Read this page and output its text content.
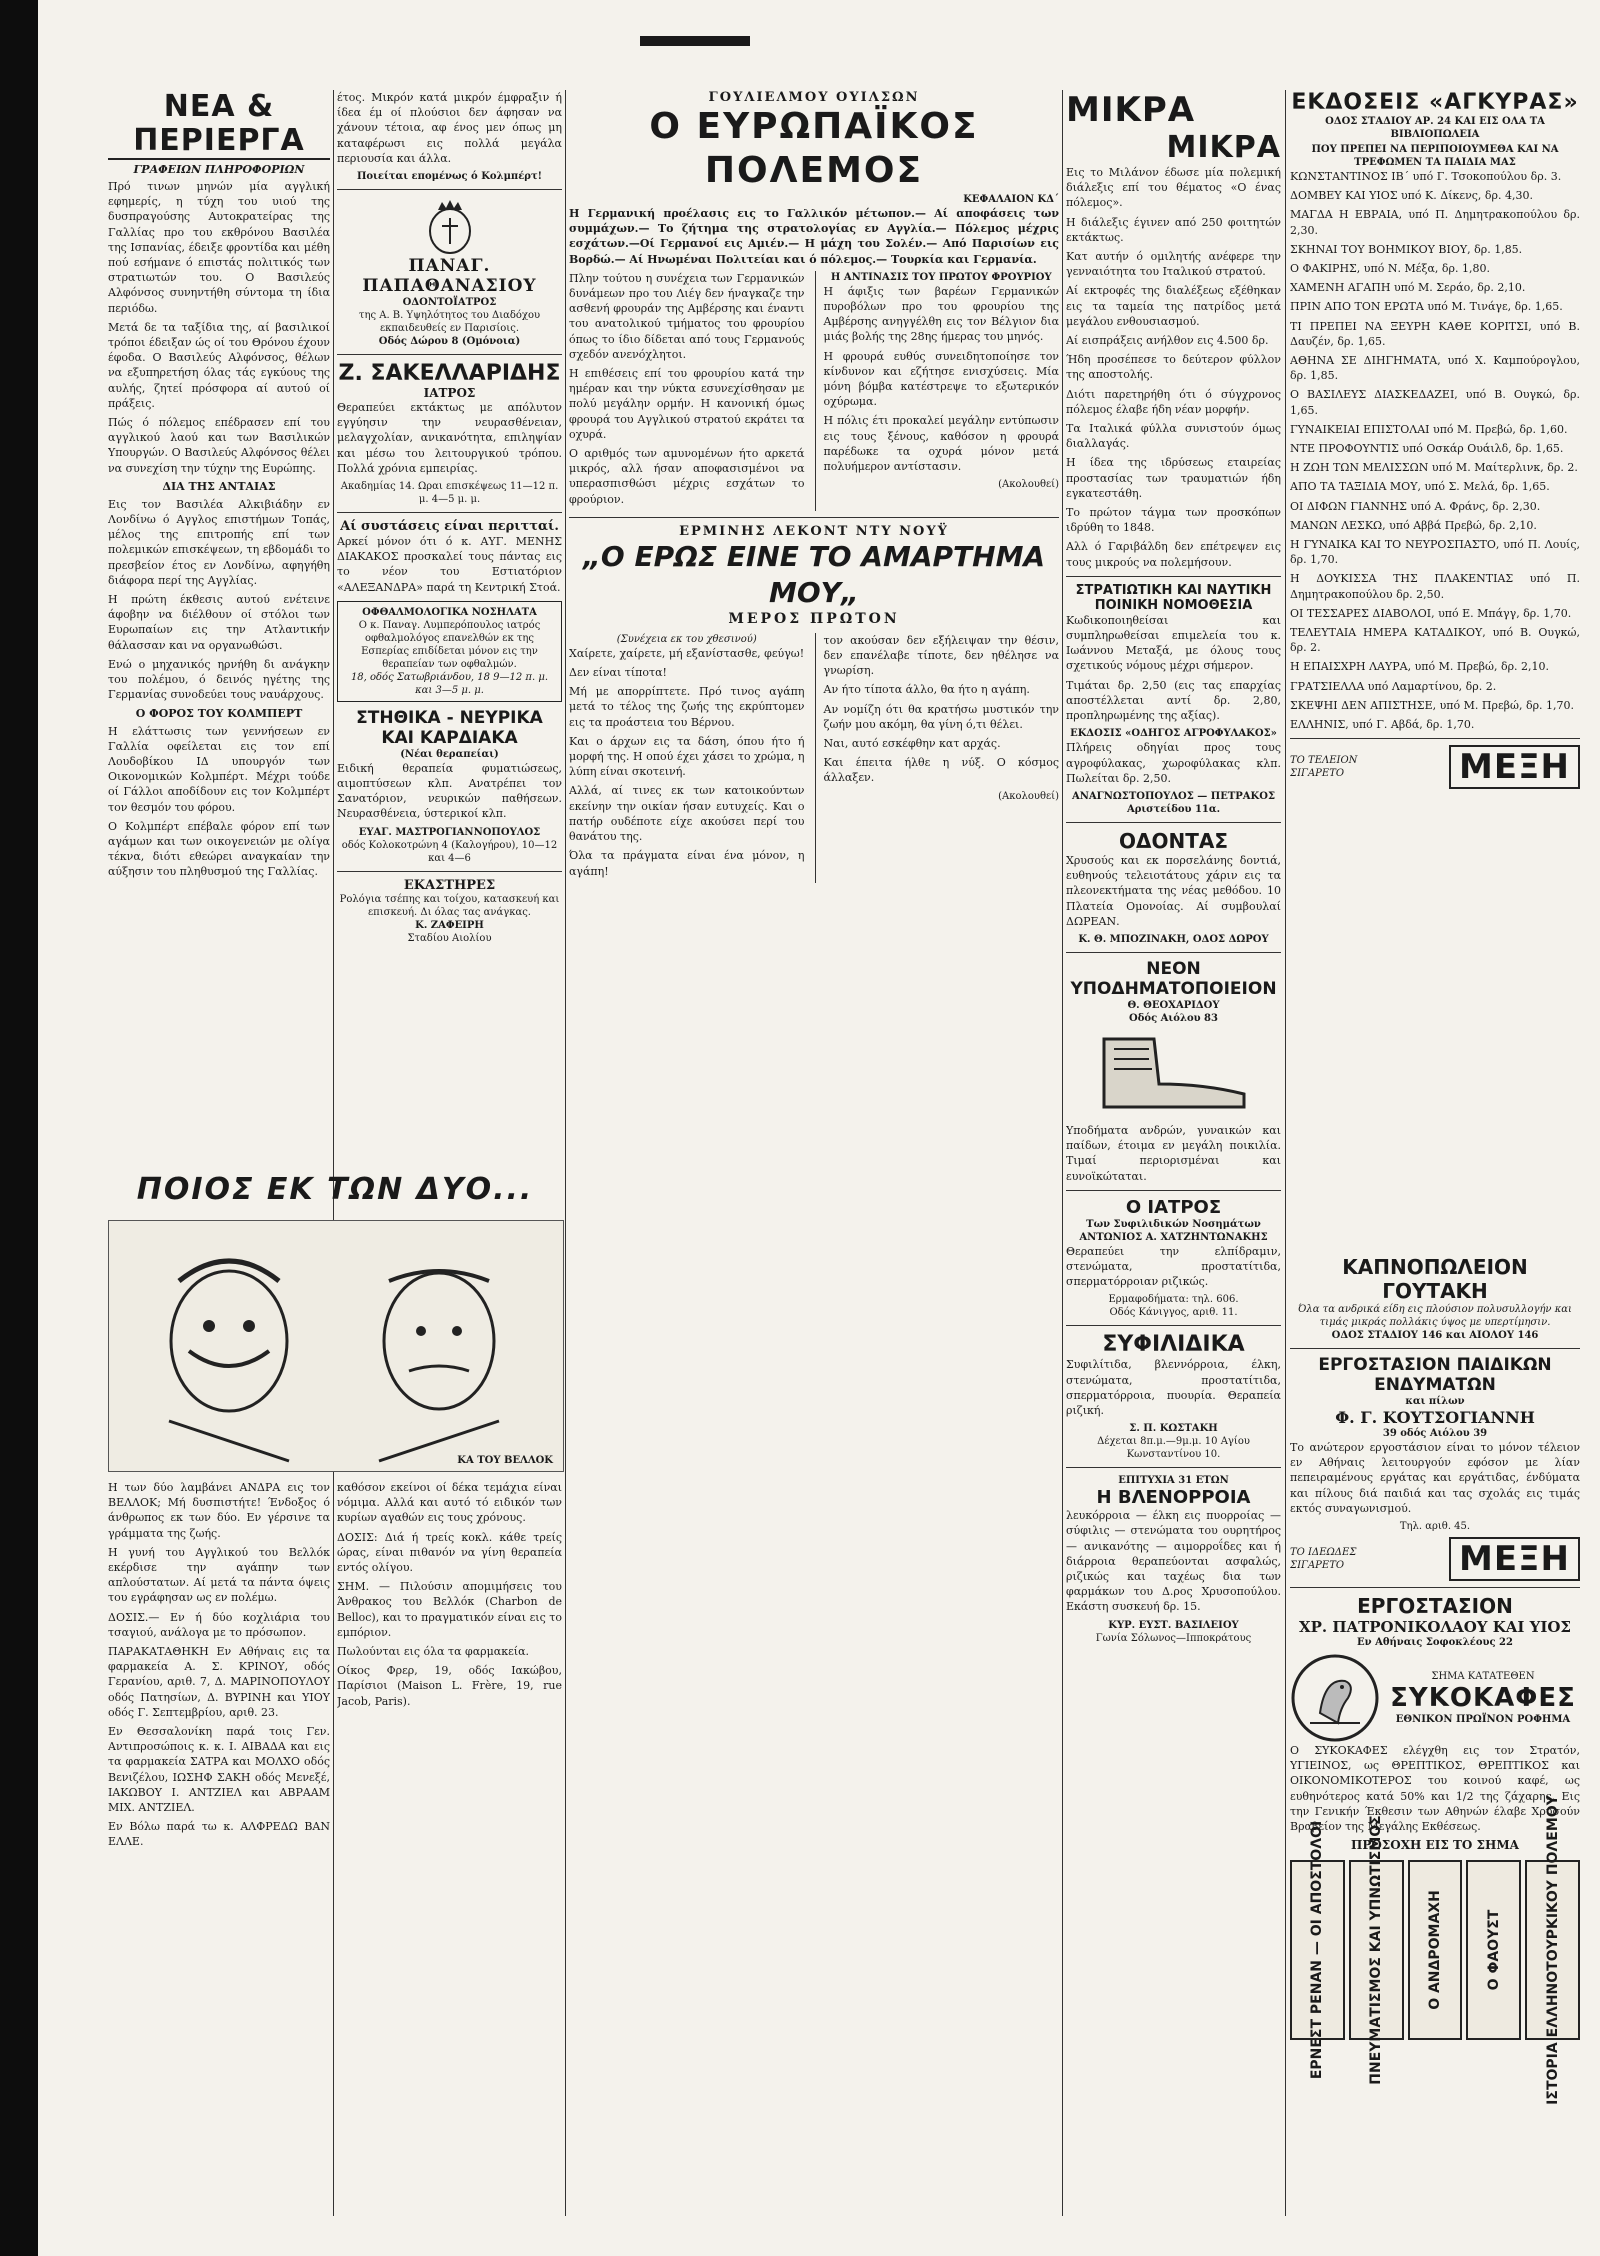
ΝΕΑ & ΠΕΡΙΕΡΓΑ
ΓΡΑΦΕΙΩΝ ΠΛΗΡΟΦΟΡΙΩΝ

Πρό τινων μηνών μία αγγλική εφημερίς, η τύχη του υιού της δυσπραγούσης Αυτοκρατείρας της Γαλλίας προ του εκθρόνου Βασιλέα της Ισπανίας, έδειξε φροντίδα και μέθη πού εσήμανε ό επιστάς πολιτικός των στρατιωτών του. Ο Βασιλεύς Αλφόνσος συνηντήθη σύντομα τη ίδια περιόδω.

Μετά δε τα ταξίδια της, αί βασιλικοί τρόποι έδειξαν ώς οί του Θρόνου έχουν έφοδα. Ο Βασιλεύς Αλφόνσος, θέλων να εξυπηρετήση όλας τάς εγκύους της αυλής, ζητεί πρόσφορα αί αυτού οί πράξεις.

Πώς ό πόλεμος επέδρασεν επί του αγγλικού λαού και των Βασιλικών Υπουργών. Ο Βασιλεύς Αλφόνσος θέλει να συνεχίση την τύχην της Ευρώπης.

ΔΙΑ ΤΗΣ ΑΝΤΑΙΑΣ

Εις τον Βασιλέα Αλκιβιάδην εν Λονδίνω ό Αγγλος επιστήμων Τοπάς, μέλος της επιτροπής επί των πολεμικών επισκέψεων, τη εβδομάδι το πρεσβείον έτος εν Λονδίνω, αφηγήθη διάφορα περί της Αγγλίας.

Η πρώτη έκθεσις αυτού ενέτεινε άφοβην να διέλθουν οί στόλοι των Ευρωπαίων εις την Ατλαντικήν θάλασσαν και να οργανωθώσι.

Ενώ ο μηχανικός ηρνήθη δι ανάγκην του πολέμου, ό δεινός ηγέτης της Γερμανίας συνοδεύει τους ναυάρχους.

Ο ΦΟΡΟΣ ΤΟΥ ΚΟΛΜΠΕΡΤ

Η ελάττωσις των γεννήσεων εν Γαλλία οφείλεται εις τον επί Λουδοβίκου ΙΔ υπουργόν των Οικονομικών Κολμπέρτ. Μέχρι τούδε οί Γάλλοι αποδίδουν εις τον Κολμπέρτ τον θεσμόν του φόρου.

Ο Κολμπέρτ επέβαλε φόρον επί των αγάμων και των οικογενειών με ολίγα τέκνα, διότι εθεώρει αναγκαίαν την αύξησιν του πληθυσμού της Γαλλίας.

έτος. Μικρόν κατά μικρόν έμφραξιν ή ίδεα έμ οί πλούσιοι δεν άφησαν να χάνουν τέτοια, αφ ένος μεν όπως μη καταφέρωσι εις πολλά μεγάλα περιουσία και άλλα.

Ποιείται επομένως ό Κολμπέρτ!
ΠΑΝΑΓ. ΠΑΠΑΘΑΝΑΣΙΟΥ
ΟΔΟΝΤΟΪΑΤΡΟΣ
της Α. Β. Υψηλότητος του Διαδόχου εκπαιδευθείς εν Παρισίοις.
Οδός Δώρου 8 (Ομόνοια)
Ζ. ΣΑΚΕΛΛΑΡΙΔΗΣ
ΙΑΤΡΟΣ

Θεραπεύει εκτάκτως με απόλυτον εγγύησιν την νευρασθένειαν, μελαγχολίαν, ανικανότητα, επιληψίαν και μέσω του λειτουργικού τρόπου. Πολλά χρόνια εμπειρίας.

Ακαδημίας 14. Ωραι επισκέψεως 11—12 π. μ. 4—5 μ. μ.
Αί συστάσεις είναι περιτταί.

Αρκεί μόνον ότι ό κ. ΑΥΓ. ΜΕΝΗΣ ΔΙΑΚΑΚΟΣ προσκαλεί τους πάντας εις το νέον του Εστιατόριον «ΑΛΕΞΑΝΔΡΑ» παρά τη Κεντρική Στοά.

ΟΦΘΑΛΜΟΛΟΓΙΚΑ ΝΟΣΗΛΑΤΑ
Ο κ. Παναγ. Λυμπερόπουλος ιατρός οφθαλμολόγος επανελθών εκ της Εσπερίας επιδίδεται μόνον εις την θεραπείαν των οφθαλμών.
18, οδός Σατωβριάνδου, 18 9—12 π. μ. και 3—5 μ. μ.
ΣΤΗΘΙΚΑ - ΝΕΥΡΙΚΑ ΚΑΙ ΚΑΡΔΙΑΚΑ
(Νέαι θεραπείαι)

Ειδική θεραπεία φυματιώσεως, αιμοπτύσεων κλπ. Ανατρέπει τον Σανατόριον, νευρικών παθήσεων. Νευρασθένεια, ύστερικοί κλπ.

ΕΥΑΓ. ΜΑΣΤΡΟΓΙΑΝΝΟΠΟΥΛΟΣ
οδός Κολοκοτρώνη 4 (Καλογήρου), 10—12 και 4—6
ΕΚΑΣΤΗΡΕΣ
Ρολόγια τσέπης και τοίχου, κατασκευή και επισκευή. Δι όλας τας ανάγκας.
Κ. ΖΑΦΕΙΡΗ
Σταδίου Αιολίου
ΠΟΙΟΣ ΕΚ ΤΩΝ ΔΥΟ...
ΚΑ ΤΟΥ ΒΕΛΛΟΚ

Η των δύο λαμβάνει ΑΝΔΡΑ εις τον ΒΕΛΛΟΚ; Μή δυσπιστήτε! Ένδοξος ό άνθρωπος εκ των δύο. Εν γέρσινε τα γράμματα της ζωής.

Η γυνή του Αγγλικού του Βελλόκ εκέρδισε την αγάπην των απλούστατων. Αί μετά τα πάντα όψεις του εγράφησαν ως εν πολέμω.

ΔΟΣΙΣ.— Εν ή δύο κοχλιάρια του τσαγιού, ανάλογα με το πρόσωπον.

ΠΑΡΑΚΑΤΑΘΗΚΗ Εν Αθήναις εις τα φαρμακεία Α. Σ. ΚΡΙΝΟΥ, οδός Γερανίου, αριθ. 7, Δ. ΜΑΡΙΝΟΠΟΥΛΟΥ οδός Πατησίων, Δ. ΒΥΡΙΝΗ και ΥΙΟΥ οδός Γ. Σεπτεμβρίου, αριθ. 23.

Εν Θεσσαλονίκη παρά τοις Γεν. Αντιπροσώποις κ. κ. Ι. ΑΙΒΑΔΑ και εις τα φαρμακεία ΣΑΤΡΑ και ΜΟΛΧΟ οδός Βενιζέλου, ΙΩΣΗΦ ΣΑΚΗ οδός Μενεξέ, ΙΑΚΩΒΟΥ Ι. ΑΝΤΖΙΕΛ και ΑΒΡΑΑΜ ΜΙΧ. ΑΝΤΖΙΕΛ.

Εν Βόλω παρά τω κ. ΑΛΦΡΕΔΩ ΒΑΝ ΕΛΛΕ.

καθόσον εκείνοι οί δέκα τεμάχια είναι νόμιμα. Αλλά και αυτό τό ειδικόν των κυρίων αγαθών εις τους χρόνους.

ΔΟΣΙΣ: Διά ή τρείς κοκλ. κάθε τρείς ώρας, είναι πιθανόν να γίνη θεραπεία εντός ολίγου.

ΣΗΜ. — Πιλούσιν απομιμήσεις του Άνθρακος του Βελλόκ (Charbon de Belloc), και το πραγματικόν είναι εις το εμπόριον.

Πωλούνται εις όλα τα φαρμακεία.

Οίκος Φρερ, 19, οδός Ιακώβου, Παρίσιοι (Maison L. Frère, 19, rue Jacob, Paris).

ΓΟΥΛΙΕΛΜΟΥ ΟΥΙΛΣΩΝ
Ο ΕΥΡΩΠΑΪΚΟΣ ΠΟΛΕΜΟΣ
ΚΕΦΑΛΑΙΟΝ ΚΔ΄

Η Γερμανική προέλασις εις το Γαλλικόν μέτωπον.— Αί αποφάσεις των συμμάχων.— Το ζήτημα της στρατολογίας εν Αγγλία.— Πόλεμος μέχρις εσχάτων.—Οί Γερμανοί εις Αμιέν.— Η μάχη του Σολέν.— Από Παρισίων εις Βορδώ.— Αί Ηνωμέναι Πολιτείαι και ό πόλεμος.— Τουρκία και Γερμανία.

Πλην τούτου η συνέχεια των Γερμανικών δυνάμεων προ του Λιέγ δεν ήναγκαζε την ασθενή φρουράν της Αμβέρσης και έναντι του ανατολικού τμήματος του φρουρίου όπως το ίδιο δίδεται από τους Γερμανούς σχεδόν ανενόχλητοι.

Η επιθέσεις επί του φρουρίου κατά την ημέραν και την νύκτα εσυνεχίσθησαν με πολύ μεγάλην ορμήν. Η κανονική όμως φρουρά του Αγγλικού στρατού εκράτει τα οχυρά.

Ο αριθμός των αμυνομένων ήτο αρκετά μικρός, αλλ ήσαν αποφασισμένοι να υπερασπισθώσι μέχρις εσχάτων το φρούριον.

Η ΑΝΤΙΝΑΣΙΣ ΤΟΥ ΠΡΩΤΟΥ ΦΡΟΥΡΙΟΥ

Η άφιξις των βαρέων Γερμανικών πυροβόλων προ του φρουρίου της Αμβέρσης ανηγγέλθη εις τον Βέλγιον δια μιάς βολής της 28ης ήμερας του μηνός.

Η φρουρά ευθύς συνειδητοποίησε τον κίνδυνον και εζήτησε ενισχύσεις. Μία μόνη βόμβα κατέστρεψε το εξωτερικόν οχύρωμα.

Η πόλις έτι προκαλεί μεγάλην εντύπωσιν εις τους ξένους, καθόσον η φρουρά παρέδωκε τα οχυρά μόνον μετά πολυήμερον αντίστασιν.

(Ακολουθεί)
ΕΡΜΙΝΗΣ ΛΕΚΟΝΤ ΝΤΥ ΝΟΥΫ
„Ο ΕΡΩΣ ΕΙΝΕ ΤΟ ΑΜΑΡΤΗΜΑ ΜΟΥ„
ΜΕΡΟΣ ΠΡΩΤΟΝ
(Συνέχεια εκ του χθεσινού)

Χαίρετε, χαίρετε, μή εξανίστασθε, φεύγω!

Δεν είναι τίποτα!

Μή με απορρίπτετε. Πρό τινος αγάπη μετά το τέλος της ζωής της εκρύπτομεν εις τα προάστεια του Βέρνου.

Και ο άρχων εις τα δάση, όπου ήτο ή μορφή της. Η οπού έχει χάσει το χρώμα, η λύπη είναι σκοτεινή.

Αλλά, αί τινες εκ των κατοικούντων εκείνην την οικίαν ήσαν ευτυχείς. Και ο πατήρ ουδέποτε είχε ακούσει περί του θανάτου της.

Όλα τα πράγματα είναι ένα μόνον, η αγάπη!

τον ακούσαν δεν εξήλειψαν την θέσιν, δεν επανέλαβε τίποτε, δεν ηθέλησε να γνωρίση.

Αν ήτο τίποτα άλλο, θα ήτο η αγάπη.

Αν νομίζη ότι θα κρατήσω μυστικόν την ζωήν μου ακόμη, θα γίνη ό,τι θέλει.

Ναι, αυτό εσκέφθην κατ αρχάς.

Και έπειτα ήλθε η νύξ. Ο κόσμος άλλαξεν.

(Ακολουθεί)
ΜΙΚΡΑ
ΜΙΚΡΑ

Εις το Μιλάνον έδωσε μία πολεμική διάλεξις επί του θέματος «Ο ένας πόλεμος».

Η διάλεξις έγινεν από 250 φοιτητών εκτάκτως.

Κατ αυτήν ό ομιλητής ανέφερε την γενναιότητα του Ιταλικού στρατού.

Αί εκτροφές της διαλέξεως εξέθηκαν εις τα ταμεία της πατρίδος μετά μεγάλου ενθουσιασμού.

Αί εισπράξεις ανήλθον εις 4.500 δρ.

Ήδη προσέπεσε το δεύτερον φύλλον της αποστολής.

Διότι παρετηρήθη ότι ό σύγχρονος πόλεμος έλαβε ήδη νέαν μορφήν.

Τα Ιταλικά φύλλα συνιστούν όμως διαλλαγάς.

Η ίδεα της ιδρύσεως εταιρείας προστασίας των τραυματιών ήδη εγκατεστάθη.

Το πρώτον τάγμα των προσκόπων ιδρύθη το 1848.

Αλλ ό Γαριβάλδη δεν επέτρεψεν εις τους μικρούς να πολεμήσουν.

ΣΤΡΑΤΙΩΤΙΚΗ ΚΑΙ ΝΑΥΤΙΚΗ ΠΟΙΝΙΚΗ ΝΟΜΟΘΕΣΙΑ

Κωδικοποιηθείσαι και συμπληρωθείσαι επιμελεία του κ. Ιωάννου Μεταξά, με όλους τους σχετικούς νόμους μέχρι σήμερον.

Τιμάται δρ. 2,50 (εις τας επαρχίας αποστέλλεται αντί δρ. 2,80, προπληρωμένης της αξίας).

ΕΚΔΟΣΙΣ «ΟΔΗΓΟΣ ΑΓΡΟΦΥΛΑΚΟΣ»

Πλήρεις οδηγίαι προς τους αγροφύλακας, χωροφύλακας κλπ. Πωλείται δρ. 2,50.

ΑΝΑΓΝΩΣΤΟΠΟΥΛΟΣ — ΠΕΤΡΑΚΟΣ
Αριστείδου 11α.
ΟΔΟΝΤΑΣ

Χρυσούς και εκ πορσελάνης δοντιά, ευθηνούς τελειοτάτους χάριν εις τα πλεονεκτήματα της νέας μεθόδου. 10 Πλατεία Ομονοίας. Αί συμβουλαί ΔΩΡΕΑΝ.

Κ. Θ. ΜΠΟΖΙΝΑΚΗ, ΟΔΟΣ ΔΩΡΟΥ
ΝΕΟΝ ΥΠΟΔΗΜΑΤΟΠΟΙΕΙΟΝ
Θ. ΘΕΟΧΑΡΙΔΟΥ
Οδός Αιόλου 83

Υποδήματα ανδρών, γυναικών και παίδων, έτοιμα εν μεγάλη ποικιλία. Τιμαί περιορισμέναι και ευνοϊκώταται.

Ο ΙΑΤΡΟΣ
Των Συφιλιδικών Νοσημάτων
ΑΝΤΩΝΙΟΣ Α. ΧΑΤΖΗΝΤΩΝΑΚΗΣ

Θεραπεύει την ελπίδραμιν, στενώματα, προστατίτιδα, σπερματόρροιαν ριζικώς.

Ερμαφοδήματα: τηλ. 606.
Οδός Κάνιγγος, αριθ. 11.
ΣΥΦΙΛΙΔΙΚΑ

Συφιλίτιδα, βλεννόρροια, έλκη, στενώματα, προστατίτιδα, σπερματόρροια, πυουρία. Θεραπεία ριζική.

Σ. Π. ΚΩΣΤΑΚΗ
Δέχεται 8π.μ.—9μ.μ. 10 Αγίου Κωνσταντίνου 10.
ΕΠΙΤΥΧΙΑ 31 ΕΤΩΝ
Η ΒΛΕΝΟΡΡΟΙΑ

λευκόρροια — έλκη εις πυορροίας — σύφιλις — στενώματα του ουρητήρος — ανικανότης — αιμορροΐδες και ή διάρροια θεραπεύονται ασφαλώς, ριζικώς και ταχέως δια των φαρμάκων του Δ.ρος Χρυσοπούλου. Εκάστη συσκευή δρ. 15.

ΚΥΡ. ΕΥΣΤ. ΒΑΣΙΛΕΙΟΥ
Γωνία Σόλωνος—Ιπποκράτους
ΕΚΔΟΣΕΙΣ «ΑΓΚΥΡΑΣ»
ΟΔΟΣ ΣΤΑΔΙΟΥ ΑΡ. 24 ΚΑΙ ΕΙΣ ΟΛΑ ΤΑ ΒΙΒΛΙΟΠΩΛΕΙΑ
ΠΟΥ ΠΡΕΠΕΙ ΝΑ ΠΕΡΙΠΟΙΟΥΜΕΘΑ ΚΑΙ ΝΑ ΤΡΕΦΩΜΕΝ ΤΑ ΠΑΙΔΙΑ ΜΑΣ

ΚΩΝΣΤΑΝΤΙΝΟΣ ΙΒ΄ υπό Γ. Τσοκοπούλου δρ. 3.

ΔΟΜΒΕΥ ΚΑΙ ΥΙΟΣ υπό Κ. Δίκενς, δρ. 4,30.

ΜΑΓΔΑ Η ΕΒΡΑΙΑ, υπό Π. Δημητρακοπούλου δρ. 2,30.

ΣΚΗΝΑΙ ΤΟΥ ΒΟΗΜΙΚΟΥ ΒΙΟΥ, δρ. 1,85.

Ο ΦΑΚΙΡΗΣ, υπό Ν. Μέξα, δρ. 1,80.

ΧΑΜΕΝΗ ΑΓΑΠΗ υπό Μ. Σεράο, δρ. 2,10.

ΠΡΙΝ ΑΠΟ ΤΟΝ ΕΡΩΤΑ υπό Μ. Τινάγε, δρ. 1,65.

ΤΙ ΠΡΕΠΕΙ ΝΑ ΞΕΥΡΗ ΚΑΘΕ ΚΟΡΙΤΣΙ, υπό Β. Δαυζέν, δρ. 1,65.

ΑΘΗΝΑ ΣΕ ΔΙΗΓΗΜΑΤΑ, υπό Χ. Καμπούρογλου, δρ. 1,85.

Ο ΒΑΣΙΛΕΥΣ ΔΙΑΣΚΕΔΑΖΕΙ, υπό Β. Ουγκώ, δρ. 1,65.

ΓΥΝΑΙΚΕΙΑΙ ΕΠΙΣΤΟΛΑΙ υπό Μ. Πρεβώ, δρ. 1,60.

ΝΤΕ ΠΡΟΦΟΥΝΤΙΣ υπό Οσκάρ Ουάιλδ, δρ. 1,65.

Η ΖΩΗ ΤΩΝ ΜΕΛΙΣΣΩΝ υπό Μ. Μαίτερλινκ, δρ. 2.

ΑΠΟ ΤΑ ΤΑΞΙΔΙΑ ΜΟΥ, υπό Σ. Μελά, δρ. 1,65.

ΟΙ ΔΙΦΩΝ ΓΙΑΝΝΗΣ υπό Α. Φράνς, δρ. 2,30.

ΜΑΝΩΝ ΛΕΣΚΩ, υπό Αββά Πρεβώ, δρ. 2,10.

Η ΓΥΝΑΙΚΑ ΚΑΙ ΤΟ ΝΕΥΡΟΣΠΑΣΤΟ, υπό Π. Λουίς, δρ. 1,70.

Η ΔΟΥΚΙΣΣΑ ΤΗΣ ΠΛΑΚΕΝΤΙΑΣ υπό Π. Δημητρακοπούλου δρ. 2,50.

ΟΙ ΤΕΣΣΑΡΕΣ ΔΙΑΒΟΛΟΙ, υπό Ε. Μπάγγ, δρ. 1,70.

ΤΕΛΕΥΤΑΙΑ ΗΜΕΡΑ ΚΑΤΑΔΙΚΟΥ, υπό Β. Ουγκώ, δρ. 2.

Η ΕΠΑΙΣΧΡΗ ΛΑΥΡΑ, υπό Μ. Πρεβώ, δρ. 2,10.

ΓΡΑΤΣΙΕΛΛΑ υπό Λαμαρτίνου, δρ. 2.

ΣΚΕΨΗΙ ΔΕΝ ΑΠΙΣΤΗΣΕ, υπό Μ. Πρεβώ, δρ. 1,70.

ΕΛΛΗΝΙΣ, υπό Γ. Αβδά, δρ. 1,70.

ΤΟ ΤΕΛΕΙΟΝ ΣΙΓΑΡΕΤΟ	ΜΕΞΗ
ΚΑΠΝΟΠΩΛΕΙΟΝ ΓΟΥΤΑΚΗ
Όλα τα ανδρικά είδη εις πλούσιον πολυσυλλογήν και τιμάς μικράς πολλάκις ύψος με υπερτίμησιν.
ΟΔΟΣ ΣΤΑΔΙΟΥ 146 και ΑΙΟΛΟΥ 146
ΕΡΓΟΣΤΑΣΙΟΝ ΠΑΙΔΙΚΩΝ ΕΝΔΥΜΑΤΩΝ
και πίλων
Φ. Γ. ΚΟΥΤΣΟΓΙΑΝΝΗ
39 οδός Αιόλου 39

Το ανώτερον εργοστάσιον είναι το μόνον τέλειον εν Αθήναις λειτουργούν εφόσον με λίαν πεπειραμένους εργάτας και εργάτιδας, ένδύματα και πίλους διά παιδιά και τας σχολάς εις τιμάς εκτός συναγωνισμού.

Τηλ. αριθ. 45.
ΤΟ ΙΔΕΩΔΕΣ ΣΙΓΑΡΕΤΟ	ΜΕΞΗ
ΕΡΓΟΣΤΑΣΙΟΝ
ΧΡ. ΠΑΤΡΟΝΙΚΟΛΑΟΥ ΚΑΙ ΥΙΟΣ
Εν Αθήναις Σοφοκλέους 22
ΣΗΜΑ ΚΑΤΑΤΕΘΕΝ
ΣΥΚΟΚΑΦΕΣ
ΕΘΝΙΚΟΝ ΠΡΩΪΝΟΝ ΡΟΦΗΜΑ

Ο ΣΥΚΟΚΑΦΕΣ ελέγχθη εις τον Στρατόν, ΥΓΙΕΙΝΟΣ, ως ΘΡΕΠΤΙΚΟΣ, ΘΡΕΠΤΙΚΟΣ και ΟΙΚΟΝΟΜΙΚΟΤΕΡΟΣ του κοινού καφέ, ως ευθηνότερος κατά 50% και 1/2 της ζάχαρης. Εις την Γενικήν Έκθεσιν των Αθηνών έλαβε Χρυσούν Βραβείον της Μεγάλης Εκθέσεως.

ΠΡΟΣΟΧΗ ΕΙΣ ΤΟ ΣΗΜΑ
ΕΡΝΕΣΤ ΡΕΝΑΝ — ΟΙ ΑΠΟΣΤΟΛΟΙ	ΠΝΕΥΜΑΤΙΣΜΟΣ ΚΑΙ ΥΠΝΩΤΙΣΜΟΣ	Ο ΑΝΔΡΟΜΑΧΗ	Ο ΦΑΟΥΣΤ	ΙΣΤΟΡΙΑ ΕΛΛΗΝΟΤΟΥΡΚΙΚΟΥ ΠΟΛΕΜΟΥ
